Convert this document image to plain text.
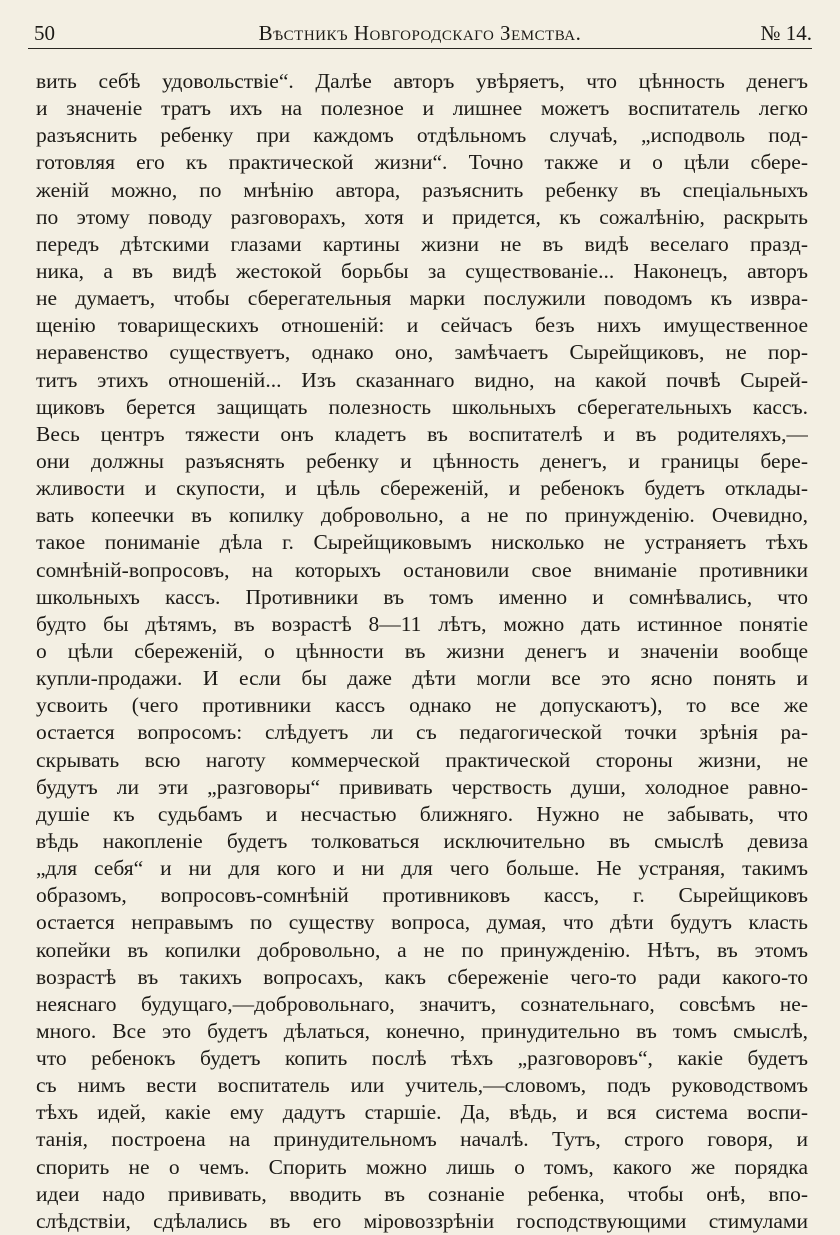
50	Вѣстникъ Новгородскаго Земства.	№ 14.
вить себѣ удовольствіе“. Далѣе авторъ увѣряетъ, что цѣнность денегъ
и значеніе тратъ ихъ на полезное и лишнее можетъ воспитатель легко
разъяснить ребенку при каждомъ отдѣльномъ случаѣ, „исподволь под-
готовляя его къ практической жизни“. Точно также и о цѣли сбере-
женій можно, по мнѣнію автора, разъяснить ребенку въ спеціальныхъ
по этому поводу разговорахъ, хотя и придется, къ сожалѣнію, раскрыть
передъ дѣтскими глазами картины жизни не въ видѣ веселаго празд-
ника, а въ видѣ жестокой борьбы за существованіе... Наконецъ, авторъ
не думаетъ, чтобы сберегательныя марки послужили поводомъ къ извра-
щенію товарищескихъ отношеній: и сейчасъ безъ нихъ имущественное
неравенство существуетъ, однако оно, замѣчаетъ Сырейщиковъ, не пор-
титъ этихъ отношеній... Изъ сказаннаго видно, на какой почвѣ Сырей-
щиковъ берется защищать полезность школьныхъ сберегательныхъ кассъ.
Весь центръ тяжести онъ кладетъ въ воспитателѣ и въ родителяхъ,—
они должны разъяснять ребенку и цѣнность денегъ, и границы бере-
жливости и скупости, и цѣль сбереженій, и ребенокъ будетъ отклады-
вать копеечки въ копилку добровольно, а не по принужденію. Очевидно,
такое пониманіе дѣла г. Сырейщиковымъ нисколько не устраняетъ тѣхъ
сомнѣній-вопросовъ, на которыхъ остановили свое вниманіе противники
школьныхъ кассъ. Противники въ томъ именно и сомнѣвались, что
будто бы дѣтямъ, въ возрастѣ 8—11 лѣтъ, можно дать истинное понятіе
о цѣли сбереженій, о цѣнности въ жизни денегъ и значеніи вообще
купли-продажи. И если бы даже дѣти могли все это ясно понять и
усвоить (чего противники кассъ однако не допускаютъ), то все же
остается вопросомъ: слѣдуетъ ли съ педагогической точки зрѣнія ра-
скрывать всю наготу коммерческой практической стороны жизни, не
будутъ ли эти „разговоры“ прививать черствость души, холодное равно-
душіе къ судьбамъ и несчастью ближняго. Нужно не забывать, что
вѣдь накопленіе будетъ толковаться исключительно въ смыслѣ девиза
„для себя“ и ни для кого и ни для чего больше. Не устраняя, такимъ
образомъ, вопросовъ-сомнѣній противниковъ кассъ, г. Сырейщиковъ
остается неправымъ по существу вопроса, думая, что дѣти будутъ класть
копейки въ копилки добровольно, а не по принужденію. Нѣтъ, въ этомъ
возрастѣ въ такихъ вопросахъ, какъ сбереженіе чего-то ради какого-то
неяснаго будущаго,—добровольнаго, значитъ, сознательнаго, совсѣмъ не-
много. Все это будетъ дѣлаться, конечно, принудительно въ томъ смыслѣ,
что ребенокъ будетъ копить послѣ тѣхъ „разговоровъ“, какіе будетъ
съ нимъ вести воспитатель или учитель,—словомъ, подъ руководствомъ
тѣхъ идей, какіе ему дадутъ старшіе. Да, вѣдь, и вся система воспи-
танія, построена на принудительномъ началѣ. Тутъ, строго говоря, и
спорить не о чемъ. Спорить можно лишь о томъ, какого же порядка
идеи надо прививать, вводить въ сознаніе ребенка, чтобы онѣ, впо-
слѣдствіи, сдѣлались въ его міровоззрѣніи господствующими стимулами
